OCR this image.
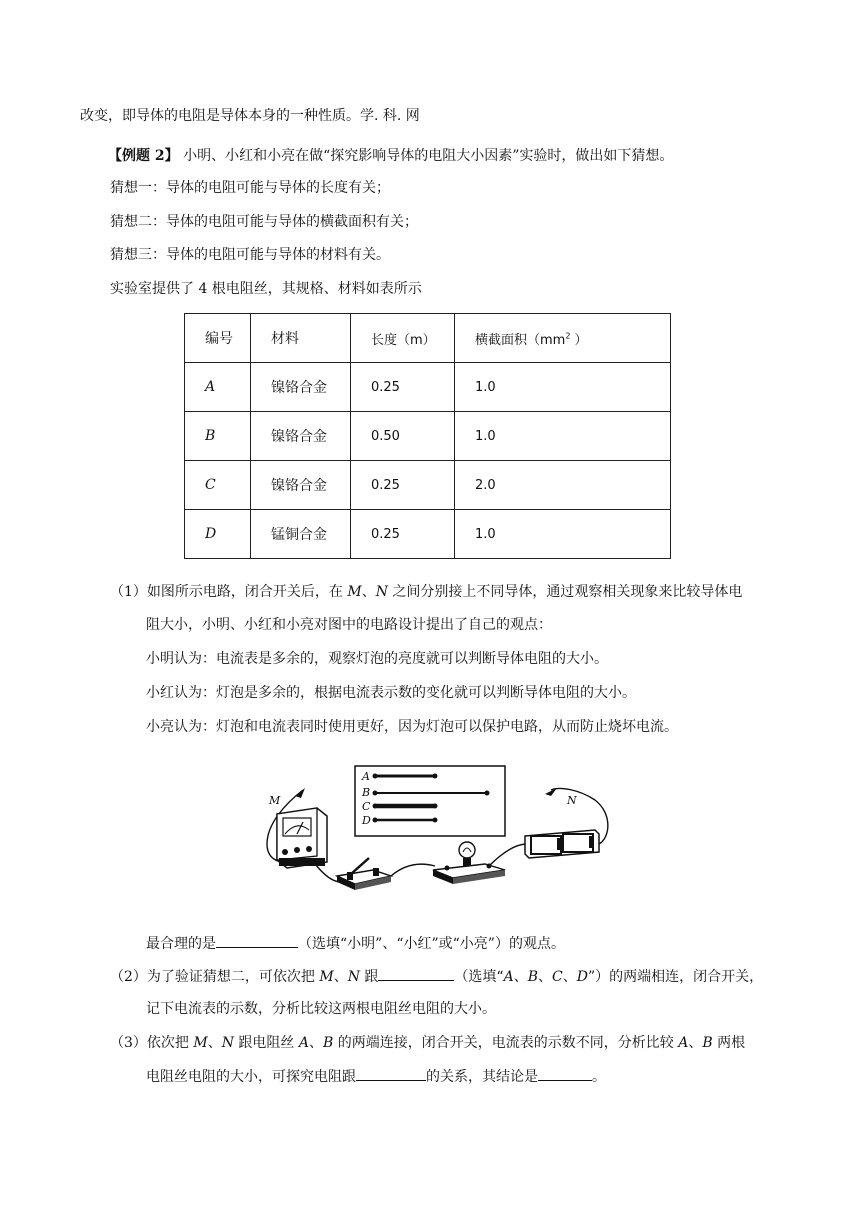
改变，即导体的电阻是导体本身的一种性质。学. 科. 网
【例题 2】 小明、小红和小亮在做“探究影响导体的电阻大小因素”实验时，做出如下猜想。
猜想一：导体的电阻可能与导体的长度有关；
猜想二：导体的电阻可能与导体的横截面积有关；
猜想三：导体的电阻可能与导体的材料有关。
实验室提供了 4 根电阻丝，其规格、材料如表所示
编号	材料	长度（m）	横截面积（$mm^2$ ）
A	镍铬合金	0.25	1.0
B	镍铬合金	0.50	1.0
C	镍铬合金	0.25	2.0
D	锰铜合金	0.25	1.0
（1）如图所示电路，闭合开关后，在 M、N 之间分别接上不同导体，通过观察相关现象来比较导体电
阻大小，小明、小红和小亮对图中的电路设计提出了自己的观点：
小明认为：电流表是多余的，观察灯泡的亮度就可以判断导体电阻的大小。
小红认为：灯泡是多余的，根据电流表示数的变化就可以判断导体电阻的大小。
小亮认为：灯泡和电流表同时使用更好，因为灯泡可以保护电路，从而防止烧坏电流。
A
B
C
D
M	N
最合理的是	（选填“小明”、“小红”或“小亮”）的观点。
（2）为了验证猜想二，可依次把 M、N 跟	（选填“A、B、C、D”）的两端相连，闭合开关，
记下电流表的示数，分析比较这两根电阻丝电阻的大小。
（3）依次把 M、N 跟电阻丝 A、B 的两端连接，闭合开关，电流表的示数不同，分析比较 A、B 两根
电阻丝电阻的大小，可探究电阻跟	的关系，其结论是	。
